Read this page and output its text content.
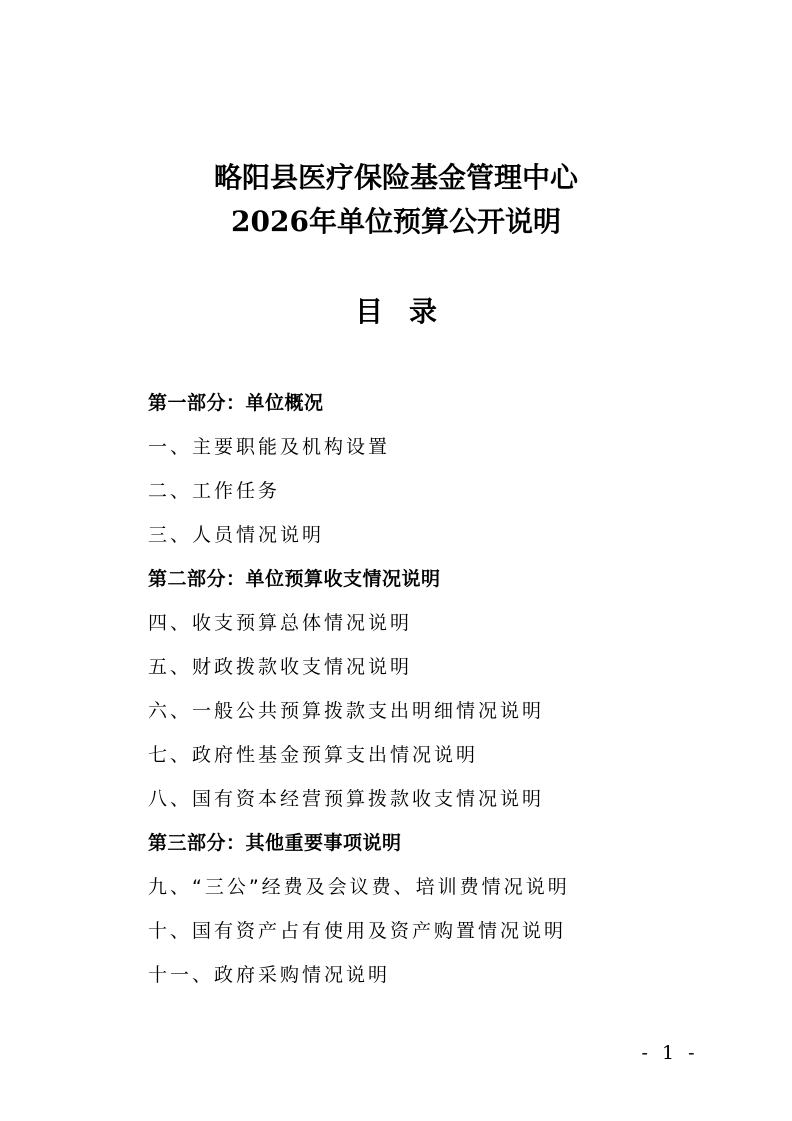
略阳县医疗保险基金管理中心
2026年单位预算公开说明
目录
第一部分：单位概况
一、主要职能及机构设置
二、工作任务
三、人员情况说明
第二部分：单位预算收支情况说明
四、收支预算总体情况说明
五、财政拨款收支情况说明
六、一般公共预算拨款支出明细情况说明
七、政府性基金预算支出情况说明
八、国有资本经营预算拨款收支情况说明
第三部分：其他重要事项说明
九、“三公”经费及会议费、培训费情况说明
十、国有资产占有使用及资产购置情况说明
十一、政府采购情况说明
- 1 -
